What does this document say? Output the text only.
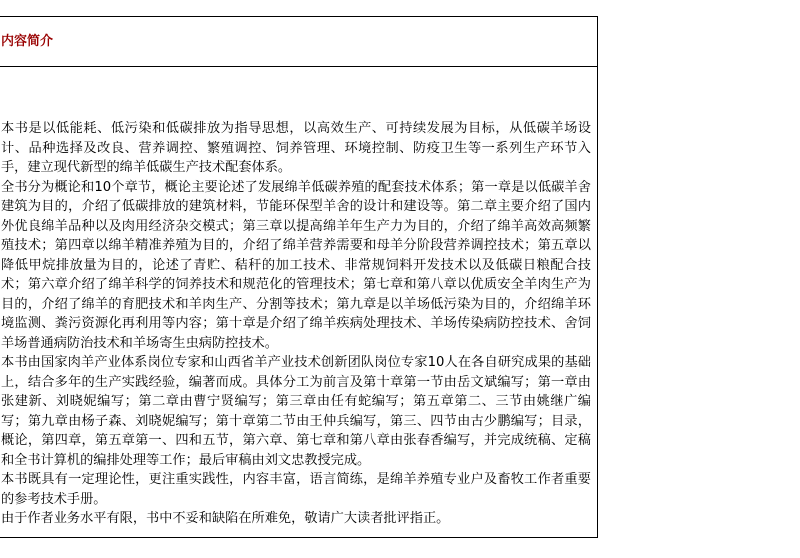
内容简介

本书是以低能耗、低污染和低碳排放为指导思想，以高效生产、可持续发展为目标，从低碳羊场设计、品种选择及改良、营养调控、繁殖调控、饲养管理、环境控制、防疫卫生等一系列生产环节入手，建立现代新型的绵羊低碳生产技术配套体系。

全书分为概论和10个章节，概论主要论述了发展绵羊低碳养殖的配套技术体系；第一章是以低碳羊舍建筑为目的，介绍了低碳排放的建筑材料，节能环保型羊舍的设计和建设等。第二章主要介绍了国内外优良绵羊品种以及肉用经济杂交模式；第三章以提高绵羊年生产力为目的，介绍了绵羊高效高频繁殖技术；第四章以绵羊精准养殖为目的，介绍了绵羊营养需要和母羊分阶段营养调控技术；第五章以降低甲烷排放量为目的，论述了青贮、秸秆的加工技术、非常规饲料开发技术以及低碳日粮配合技术；第六章介绍了绵羊科学的饲养技术和规范化的管理技术；第七章和第八章以优质安全羊肉生产为目的，介绍了绵羊的育肥技术和羊肉生产、分割等技术；第九章是以羊场低污染为目的，介绍绵羊环境监测、粪污资源化再利用等内容；第十章是介绍了绵羊疾病处理技术、羊场传染病防控技术、舍饲羊场普通病防治技术和羊场寄生虫病防控技术。

本书由国家肉羊产业体系岗位专家和山西省羊产业技术创新团队岗位专家10人在各自研究成果的基础上，结合多年的生产实践经验，编著而成。具体分工为前言及第十章第一节由岳文斌编写；第一章由张建新、刘晓妮编写；第二章由曹宁贤编写；第三章由任有蛇编写；第五章第二、三节由姚继广编写；第九章由杨子森、刘晓妮编写；第十章第二节由王仲兵编写，第三、四节由古少鹏编写；目录，概论，第四章，第五章第一、四和五节，第六章、第七章和第八章由张春香编写，并完成统稿、定稿和全书计算机的编排处理等工作；最后审稿由刘文忠教授完成。

本书既具有一定理论性，更注重实践性，内容丰富，语言简练，是绵羊养殖专业户及畜牧工作者重要的参考技术手册。

由于作者业务水平有限，书中不妥和缺陷在所难免，敬请广大读者批评指正。
